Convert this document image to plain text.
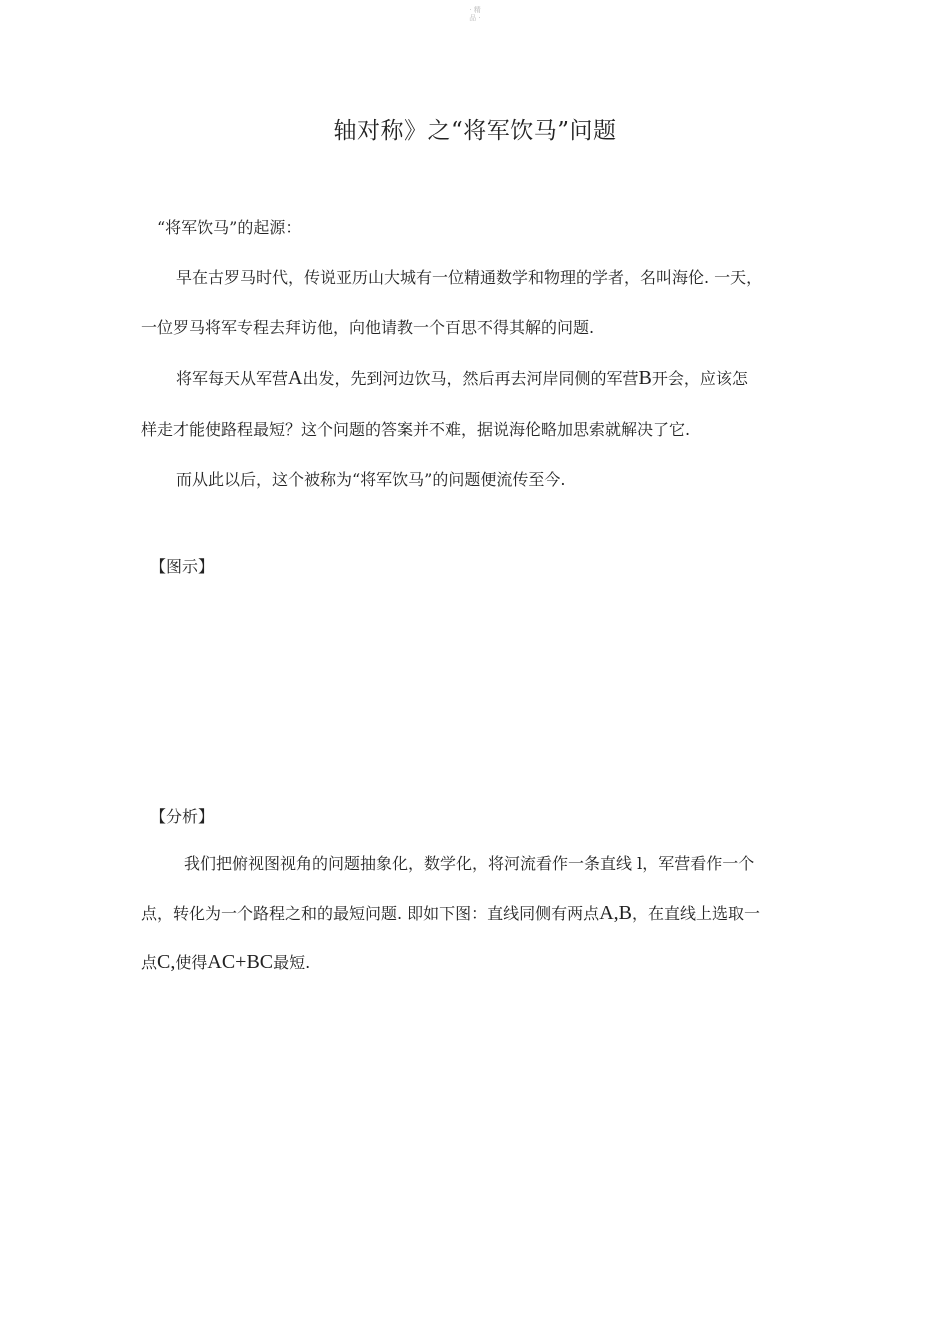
· 精
品 ·
轴对称》之“将军饮马”问题
“将军饮马”的起源：
早在古罗马时代，传说亚历山大城有一位精通数学和物理的学者，名叫海伦. 一天，
一位罗马将军专程去拜访他，向他请教一个百思不得其解的问题.
将军每天从军营A出发，先到河边饮马，然后再去河岸同侧的军营B开会，应该怎
样走才能使路程最短？这个问题的答案并不难，据说海伦略加思索就解决了它.
而从此以后，这个被称为“将军饮马”的问题便流传至今.
【图示】
【分析】
我们把俯视图视角的问题抽象化，数学化，将河流看作一条直线 l，军营看作一个
点，转化为一个路程之和的最短问题. 即如下图：直线同侧有两点A,B，在直线上选取一
点C,使得AC+BC最短.
